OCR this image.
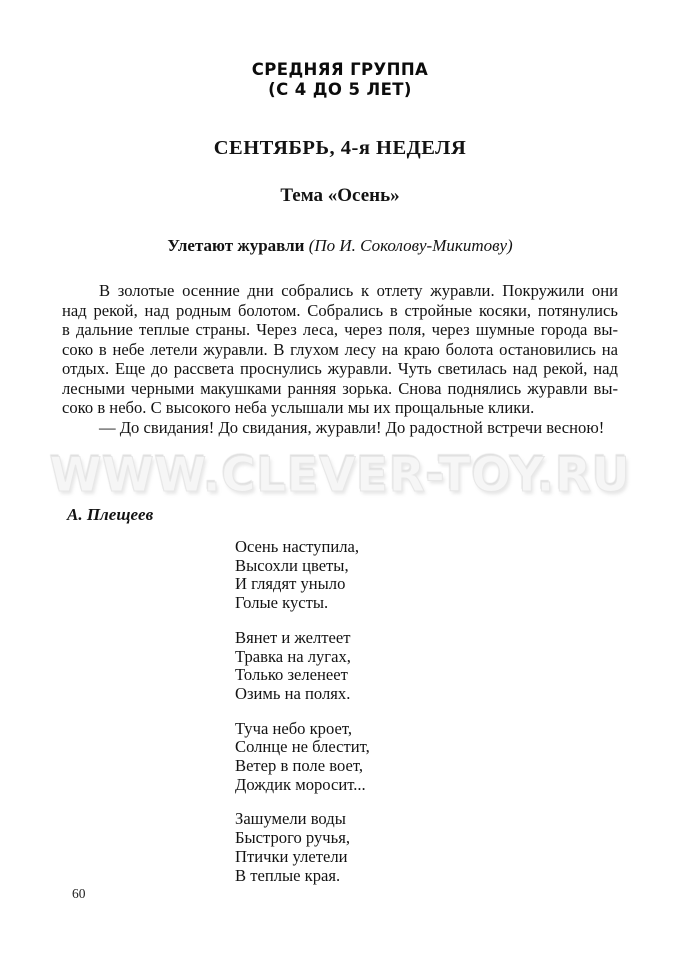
WWW.CLEVER-TOY.RU
СРЕДНЯЯ ГРУППА
(С 4 ДО 5 ЛЕТ)
СЕНТЯБРЬ, 4-я НЕДЕЛЯ
Тема «Осень»
Улетают журавли (По И. Соколову-Микитову)
В золотые осенние дни собрались к отлету журавли. Покружили они
над рекой, над родным болотом. Собрались в стройные косяки, потянулись
в дальние теплые страны. Через леса, через поля, через шумные города вы-
соко в небе летели журавли. В глухом лесу на краю болота остановились на
отдых. Еще до рассвета проснулись журавли. Чуть светилась над рекой, над
лесными черными макушками ранняя зорька. Снова поднялись журавли вы-
соко в небо. С высокого неба услышали мы их прощальные клики.
— До свидания! До свидания, журавли! До радостной встречи весною!
А. Плещеев
Осень наступила,
Высохли цветы,
И глядят уныло
Голые кусты.
Вянет и желтеет
Травка на лугах,
Только зеленеет
Озимь на полях.
Туча небо кроет,
Солнце не блестит,
Ветер в поле воет,
Дождик моросит...
Зашумели воды
Быстрого ручья,
Птички улетели
В теплые края.
60
